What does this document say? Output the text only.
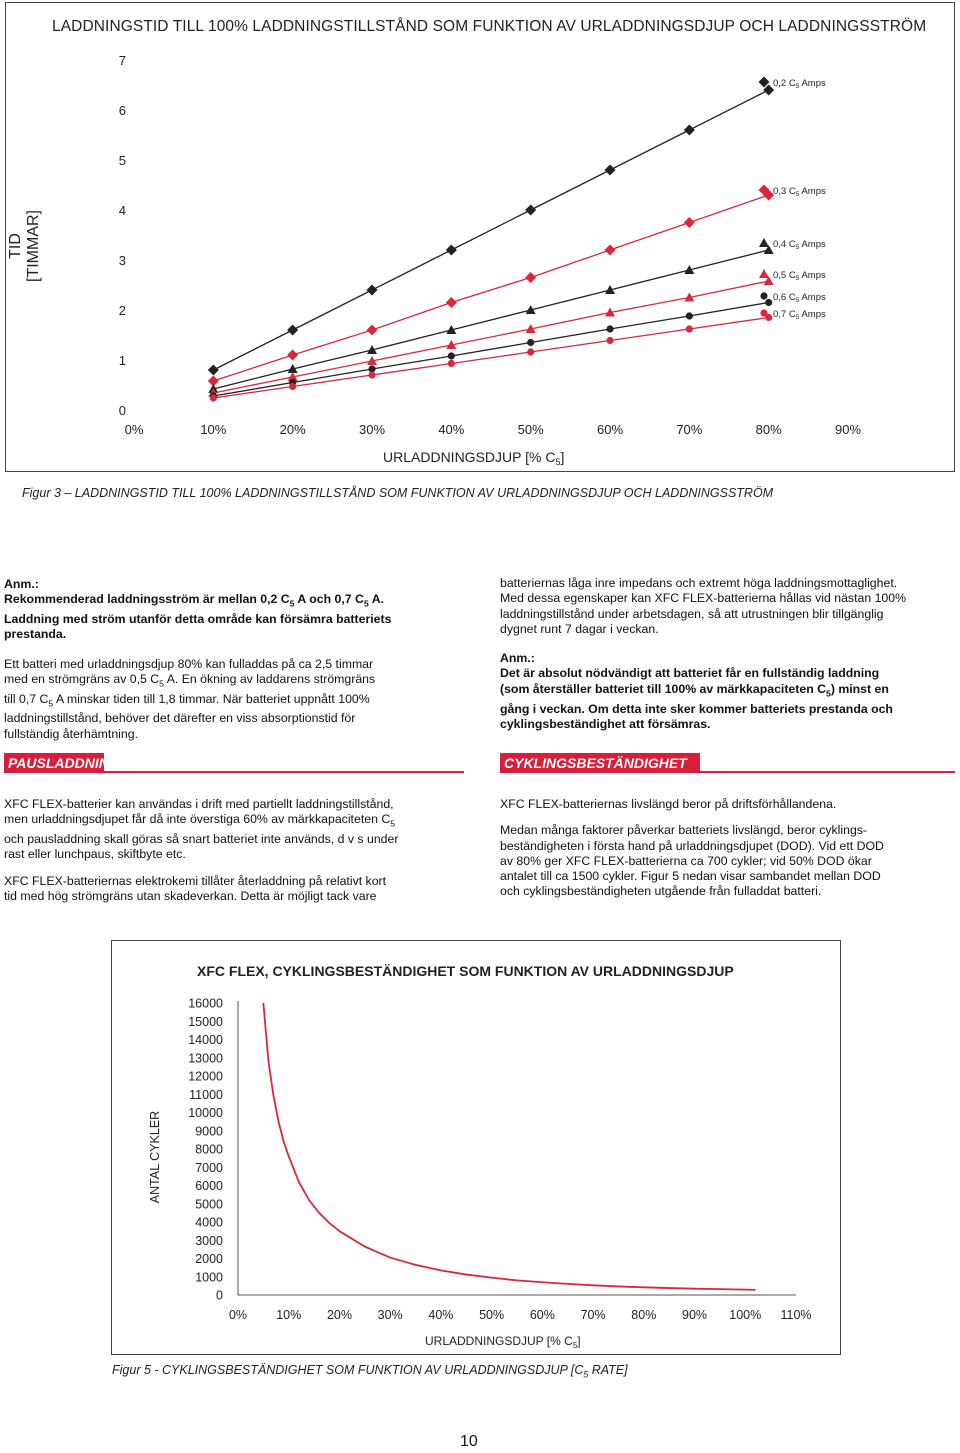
LADDNINGSTID TILL 100% LADDNINGSTILLSTÅND SOM FUNKTION AV URLADDNINGSDJUP OCH LADDNINGSSTRÖM
TID [TIMMAR]
0
1
2
3
4
5
6
7
0%	10%	20%	30%	40%	50%	60%	70%	80%	90%
0,2 $C_5$ Amps
0,3 $C_5$ Amps
0,4 $C_5$ Amps
0,5 $C_5$ Amps
0,6 $C_5$ Amps
0,7 $C_5$ Amps
URLADDNINGSDJUP [% $C_5$]
Figur 3 – LADDNINGSTID TILL 100% LADDNINGSTILLSTÅND SOM FUNKTION AV URLADDNINGSDJUP OCH LADDNINGSSTRÖM
Anm.:
Rekommenderad laddningsström är mellan 0,2 $C_5$ A och 0,7 $C_5$ A.
Laddning med ström utanför detta område kan försämra batteriets
prestanda.
Ett batteri med urladdningsdjup 80% kan fulladdas på ca 2,5 timmar
med en strömgräns av 0,5 $C_5$ A. En ökning av laddarens strömgräns
till 0,7 $C_5$ A minskar tiden till 1,8 timmar. När batteriet uppnått 100%
laddningstillstånd, behöver det därefter en viss absorptionstid för
fullständig återhämtning.
PAUSLADDNING
XFC FLEX-batterier kan användas i drift med partiellt laddningstillstånd,
men urladdningsdjupet får då inte överstiga 60% av märkkapaciteten $C_5$
och pausladdning skall göras så snart batteriet inte används, d v s under
rast eller lunchpaus, skiftbyte etc.
XFC FLEX-batteriernas elektrokemi tillåter återladdning på relativt kort
tid med hög strömgräns utan skadeverkan. Detta är möjligt tack vare
batteriernas låga inre impedans och extremt höga laddningsmottaglighet.
Med dessa egenskaper kan XFC FLEX-batterierna hållas vid nästan 100%
laddningstillstånd under arbetsdagen, så att utrustningen blir tillgänglig
dygnet runt 7 dagar i veckan.
Anm.:
Det är absolut nödvändigt att batteriet får en fullständig laddning
(som återställer batteriet till 100% av märkkapaciteten $C_5$) minst en
gång i veckan. Om detta inte sker kommer batteriets prestanda och
cyklingsbeständighet att försämras.
CYKLINGSBESTÄNDIGHET
XFC FLEX-batteriernas livslängd beror på driftsförhållandena.
Medan många faktorer påverkar batteriets livslängd, beror cyklings-
beständigheten i första hand på urladdningsdjupet (DOD). Vid ett DOD
av 80% ger XFC FLEX-batterierna ca 700 cykler; vid 50% DOD ökar
antalet till ca 1500 cykler. Figur 5 nedan visar sambandet mellan DOD
och cyklingsbeständigheten utgående från fulladdat batteri.
XFC FLEX, CYKLINGSBESTÄNDIGHET SOM FUNKTION AV URLADDNINGSDJUP
ANTAL CYKLER
0
1000
2000
3000
4000
5000
6000
7000
8000
9000
10000
11000
12000
13000
14000
15000
16000
0% 10% 20% 30% 40% 50% 60% 70% 80% 90% 100% 110%
URLADDNINGSDJUP [% $C_5$]
Figur 5 - CYKLINGSBESTÄNDIGHET SOM FUNKTION AV URLADDNINGSDJUP [$C_5$ RATE]
10
